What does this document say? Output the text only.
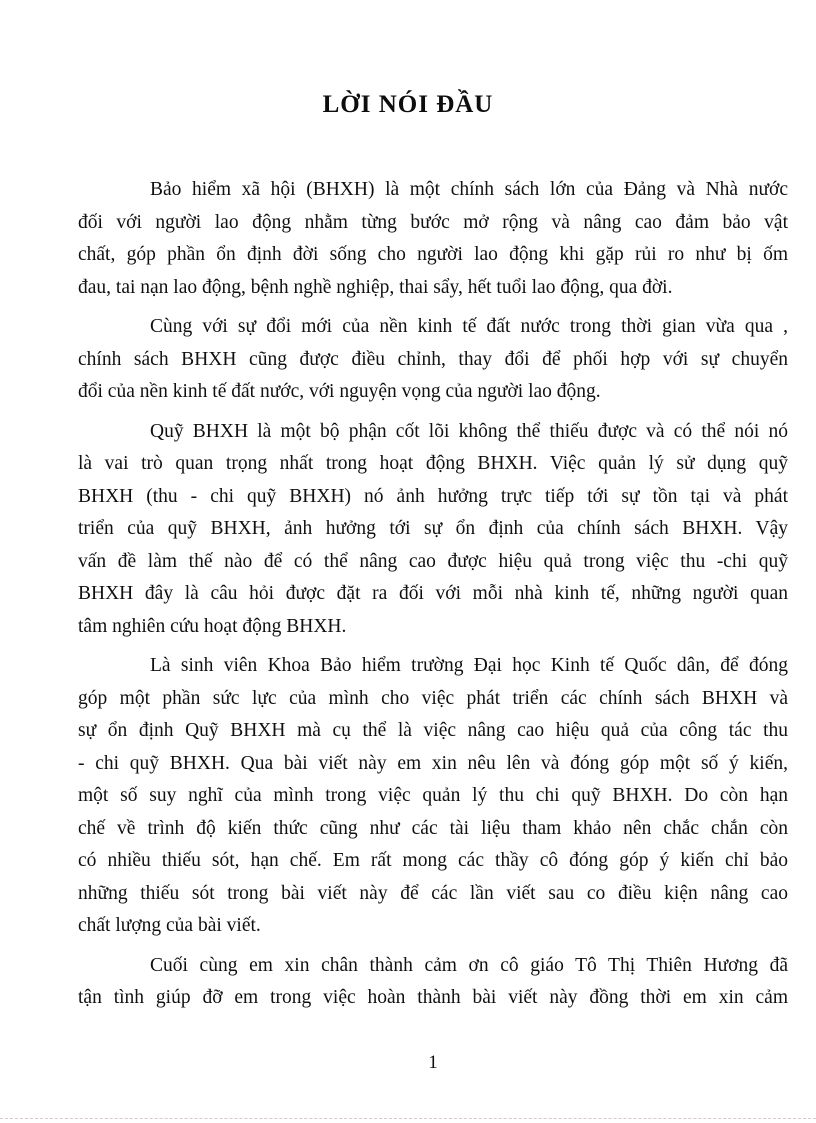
LỜI NÓI ĐẦU
Bảo hiểm xã hội (BHXH) là một chính sách lớn của Đảng và Nhà nước
đối với người lao động nhằm từng bước mở rộng và nâng cao đảm bảo vật
chất, góp phần ổn định đời sống cho người lao động khi gặp rủi ro như bị ốm
đau, tai nạn lao động, bệnh nghề nghiệp, thai sẩy, hết tuổi lao động, qua đời.
Cùng với sự đổi mới của nền kinh tế đất nước trong thời gian vừa qua ,
chính sách BHXH cũng được điều chỉnh, thay đổi để phối hợp với sự chuyển
đổi của nền kinh tế đất nước, với nguyện vọng của người lao động.
Quỹ BHXH là một bộ phận cốt lõi không thể thiếu được và có thể nói nó
là vai trò quan trọng nhất trong hoạt động BHXH. Việc quản lý sử dụng quỹ
BHXH (thu - chi quỹ BHXH) nó ảnh hưởng trực tiếp tới sự tồn tại và phát
triển của quỹ BHXH, ảnh hưởng tới sự ổn định của chính sách BHXH. Vậy
vấn đề làm thế nào để có thể nâng cao được hiệu quả trong việc thu -chi quỹ
BHXH đây là câu hỏi được đặt ra đối với mỗi nhà kinh tế, những người quan
tâm nghiên cứu hoạt động BHXH.
Là sinh viên Khoa Bảo hiểm trường Đại học Kinh tế Quốc dân, để đóng
góp một phần sức lực của mình cho việc phát triển các chính sách BHXH và
sự ổn định Quỹ BHXH mà cụ thể là việc nâng cao hiệu quả của công tác thu
- chi quỹ BHXH. Qua bài viết này em xin nêu lên và đóng góp một số ý kiến,
một số suy nghĩ của mình trong việc quản lý thu chi quỹ BHXH. Do còn hạn
chế về trình độ kiến thức cũng như các tài liệu tham khảo nên chắc chắn còn
có nhiều thiếu sót, hạn chế. Em rất mong các thầy cô đóng góp ý kiến chỉ bảo
những thiếu sót trong bài viết này để các lần viết sau co điều kiện nâng cao
chất lượng của bài viết.
Cuối cùng em xin chân thành cảm ơn cô giáo Tô Thị Thiên Hương đã
tận tình giúp đỡ em trong việc hoàn thành bài viết này đồng thời em xin cảm
1
